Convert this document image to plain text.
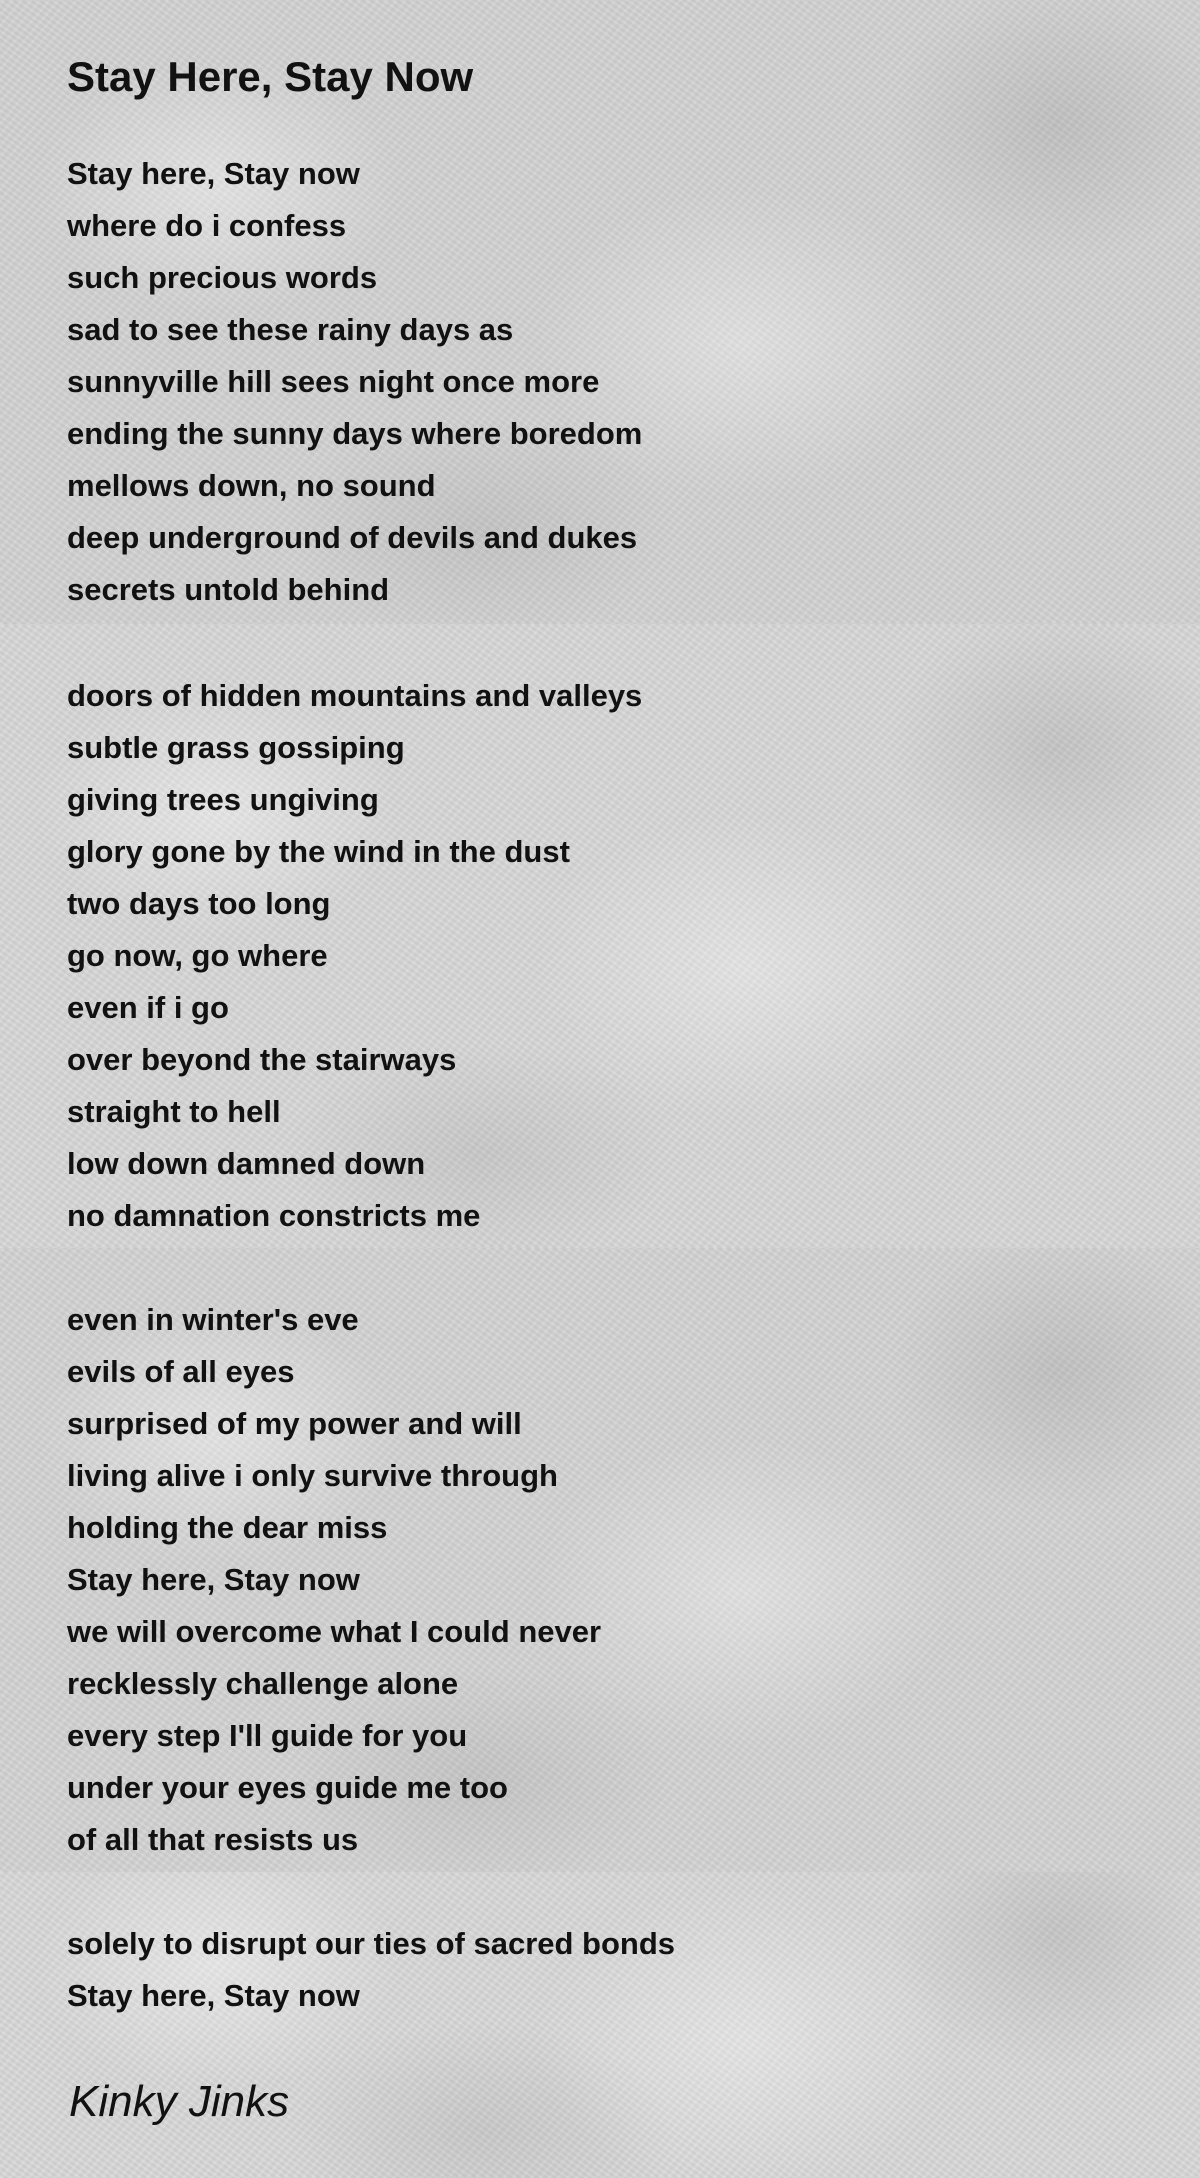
Stay Here, Stay Now
Stay here, Stay now
where do i confess
such precious words
sad to see these rainy days as
sunnyville hill sees night once more
ending the sunny days where boredom
mellows down, no sound
deep underground of devils and dukes
secrets untold behind
doors of hidden mountains and valleys
subtle grass gossiping
giving trees ungiving
glory gone by the wind in the dust
two days too long
go now, go where
even if i go
over beyond the stairways
straight to hell
low down damned down
no damnation constricts me
even in winter's eve
evils of all eyes
surprised of my power and will
living alive i only survive through
holding the dear miss
Stay here, Stay now
we will overcome what I could never
recklessly challenge alone
every step I'll guide for you
under your eyes guide me too
of all that resists us
solely to disrupt our ties of sacred bonds
Stay here, Stay now

Kinky Jinks
